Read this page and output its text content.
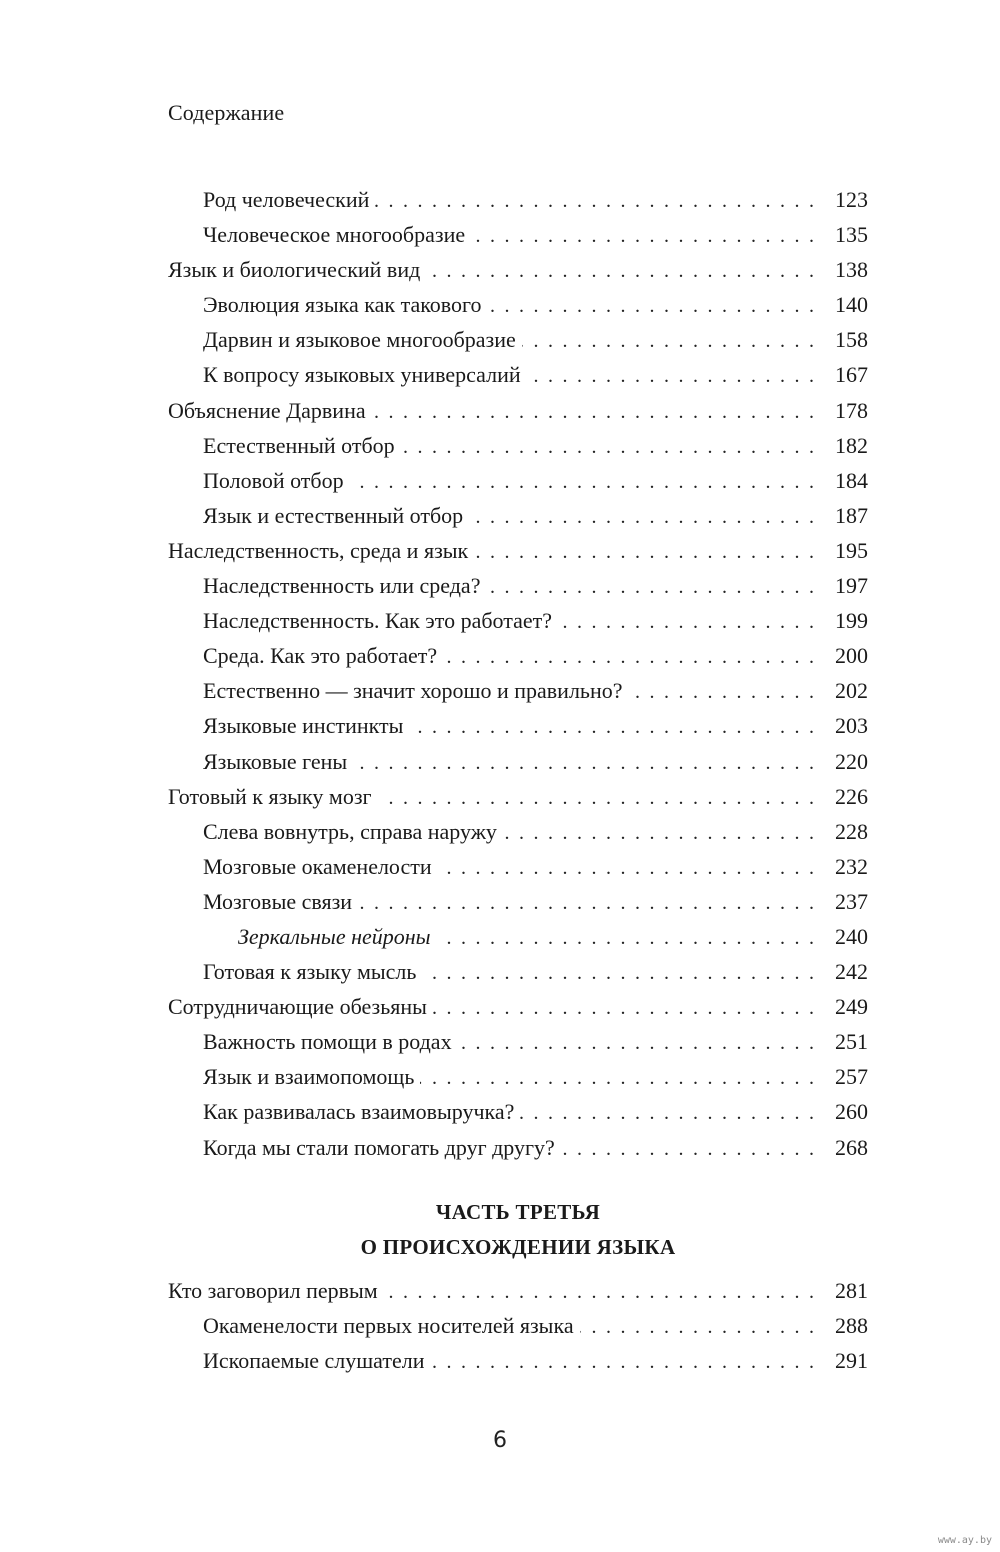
Содержание
Род человеческий . . .	123
Человеческое многообразие . . .	135
Язык и биологический вид . . .	138
Эволюция языка как такового . . .	140
Дарвин и языковое многообразие . . .	158
К вопросу языковых универсалий . . .	167
Объяснение Дарвина . . .	178
Естественный отбор . . .	182
Половой отбор . . .	184
Язык и естественный отбор . . .	187
Наследственность, среда и язык . . .	195
Наследственность или среда? . . .	197
Наследственность. Как это работает? . . .	199
Среда. Как это работает? . . .	200
Естественно — значит хорошо и правильно? . . .	202
Языковые инстинкты . . .	203
Языковые гены . . .	220
Готовый к языку мозг . . .	226
Слева вовнутрь, справа наружу . . .	228
Мозговые окаменелости . . .	232
Мозговые связи . . .	237
Зеркальные нейроны . . .	240
Готовая к языку мысль . . .	242
Сотрудничающие обезьяны . . .	249
Важность помощи в родах . . .	251
Язык и взаимопомощь . . .	257
Как развивалась взаимовыручка? . . .	260
Когда мы стали помогать друг другу? . . .	268
ЧАСТЬ ТРЕТЬЯ
О ПРОИСХОЖДЕНИИ ЯЗЫКА
Кто заговорил первым . . .	281
Окаменелости первых носителей языка . . .	288
Ископаемые слушатели . . .	291
6
www.ay.by
